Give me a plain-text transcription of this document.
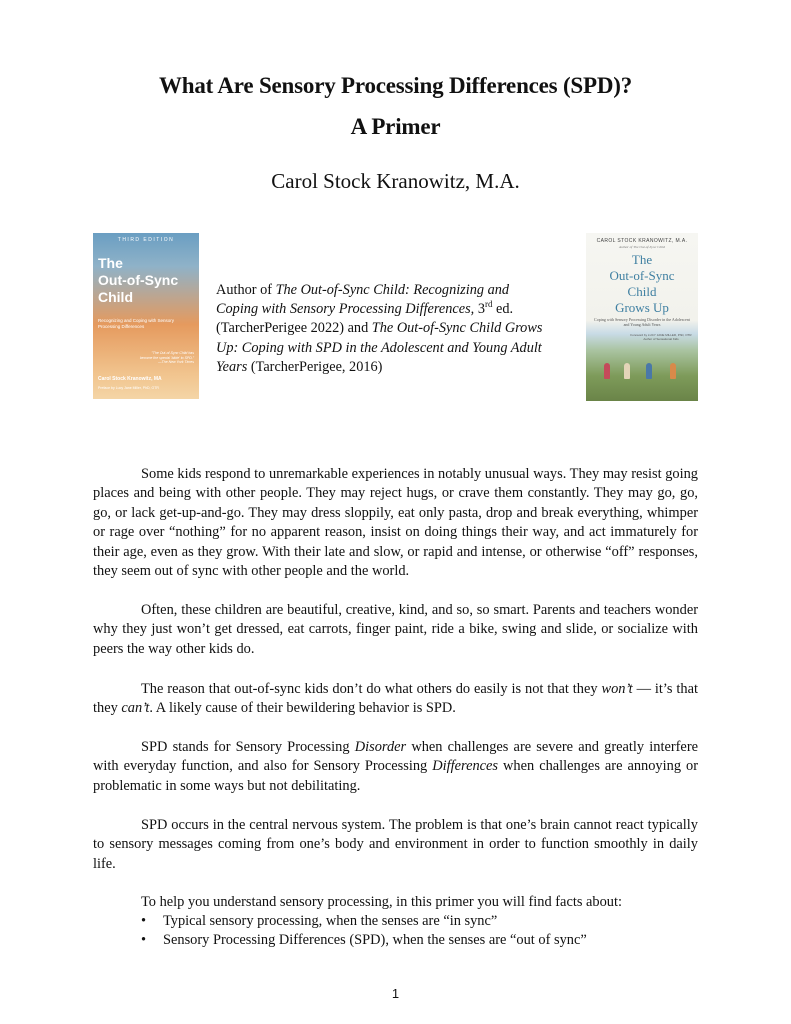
What Are Sensory Processing Differences (SPD)?
A Primer
Carol Stock Kranowitz, M.A.
THIRD EDITION
The
Out-of-Sync
Child
Recognizing and Coping with Sensory Processing Differences
"The Out-of-Sync Child has become the special 'bible' to SPD." —The New York Times
Carol Stock Kranowitz, MA
Preface by Lucy Jane Miller, PhD, OTR
CAROL STOCK KRANOWITZ, M.A.
Author of The Out-of-Sync Child
The
Out-of-Sync
Child
Grows Up
Coping with Sensory Processing Disorder in the Adolescent and Young Adult Years
Foreword by LUCY JANE MILLER, PhD, OTR Author of Sensational Kids
Author of The Out-of-Sync Child: Recognizing and Coping with Sensory Processing Differences, 3rd ed. (TarcherPerigee 2022) and The Out-of-Sync Child Grows Up: Coping with SPD in the Adolescent and Young Adult Years (TarcherPerigee, 2016)
Some kids respond to unremarkable experiences in notably unusual ways. They may resist going places and being with other people. They may reject hugs, or crave them constantly. They may go, go, go, or lack get-up-and-go. They may dress sloppily, eat only pasta, drop and break everything, whimper or rage over “nothing” for no apparent reason, insist on doing things their way, and act immaturely for their age, even as they grow. With their late and slow, or rapid and intense, or otherwise “off” responses, they seem out of sync with other people and the world.
Often, these children are beautiful, creative, kind, and so, so smart. Parents and teachers wonder why they just won’t get dressed, eat carrots, finger paint, ride a bike, swing and slide, or socialize with peers the way other kids do.
The reason that out-of-sync kids don’t do what others do easily is not that they won’t — it’s that they can’t. A likely cause of their bewildering behavior is SPD.
SPD stands for Sensory Processing Disorder when challenges are severe and greatly interfere with everyday function, and also for Sensory Processing Differences when challenges are annoying or problematic in some ways but not debilitating.
SPD occurs in the central nervous system. The problem is that one’s brain cannot react typically to sensory messages coming from one’s body and environment in order to function smoothly in daily life.
To help you understand sensory processing, in this primer you will find facts about:
• Typical sensory processing, when the senses are “in sync”
• Sensory Processing Differences (SPD), when the senses are “out of sync”
1
